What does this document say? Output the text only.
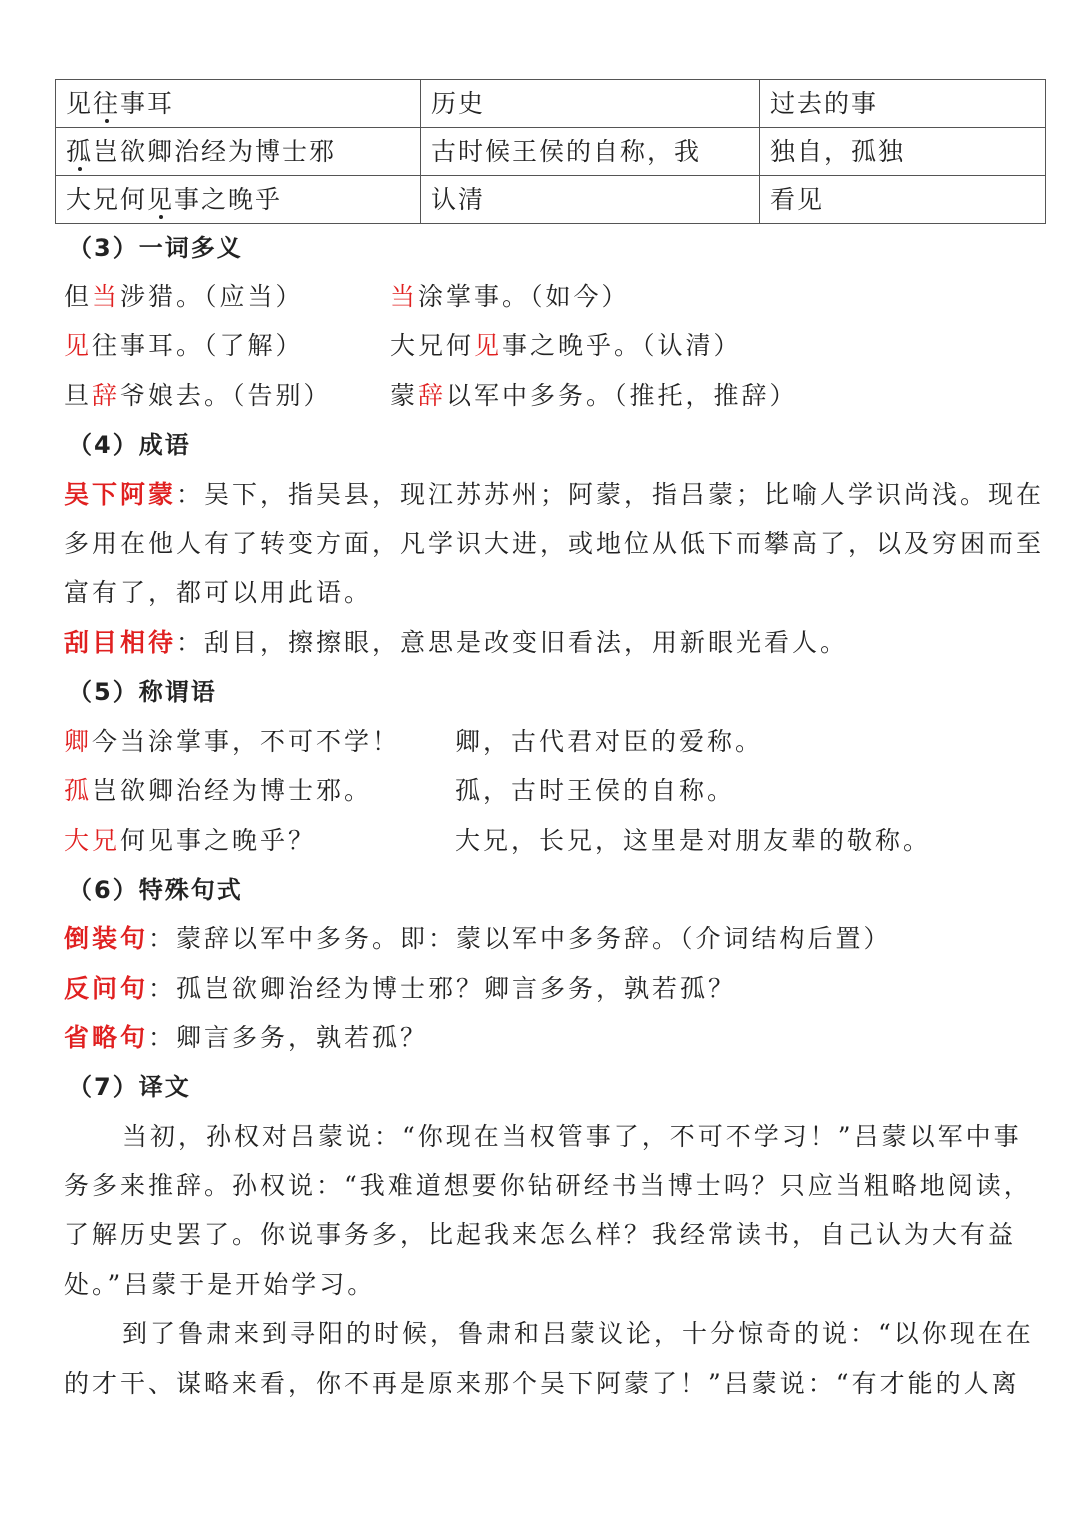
见往事耳	历史	过去的事
孤岂欲卿治经为博士邪	古时候王侯的自称，我	独自，孤独
大兄何见事之晚乎	认清	看见
（3）一词多义
但当涉猎。（应当）	当涂掌事。（如今）
见往事耳。（了解）	大兄何见事之晚乎。（认清）
旦辞爷娘去。（告别） 蒙辞以军中多务。（推托，推辞）
（4）成语
吴下阿蒙：吴下，指吴县，现江苏苏州；阿蒙，指吕蒙；比喻人学识尚浅。现在
多用在他人有了转变方面，凡学识大进，或地位从低下而攀高了，以及穷困而至
富有了，都可以用此语。
刮目相待：刮目，擦擦眼，意思是改变旧看法，用新眼光看人。
（5）称谓语
卿今当涂掌事，不可不学！ 卿，古代君对臣的爱称。
孤岂欲卿治经为博士邪。	孤，古时王侯的自称。
大兄何见事之晚乎？	大兄，长兄，这里是对朋友辈的敬称。
（6）特殊句式
倒装句：蒙辞以军中多务。即：蒙以军中多务辞。（介词结构后置）
反问句：孤岂欲卿治经为博士邪？卿言多务，孰若孤？
省略句：卿言多务，孰若孤？
（7）译文
当初，孙权对吕蒙说：“你现在当权管事了，不可不学习！”吕蒙以军中事
务多来推辞。孙权说：“我难道想要你钻研经书当博士吗？只应当粗略地阅读，
了解历史罢了。你说事务多，比起我来怎么样？我经常读书，自己认为大有益
处。”吕蒙于是开始学习。
到了鲁肃来到寻阳的时候，鲁肃和吕蒙议论，十分惊奇的说：“以你现在在
的才干、谋略来看，你不再是原来那个吴下阿蒙了！”吕蒙说：“有才能的人离
